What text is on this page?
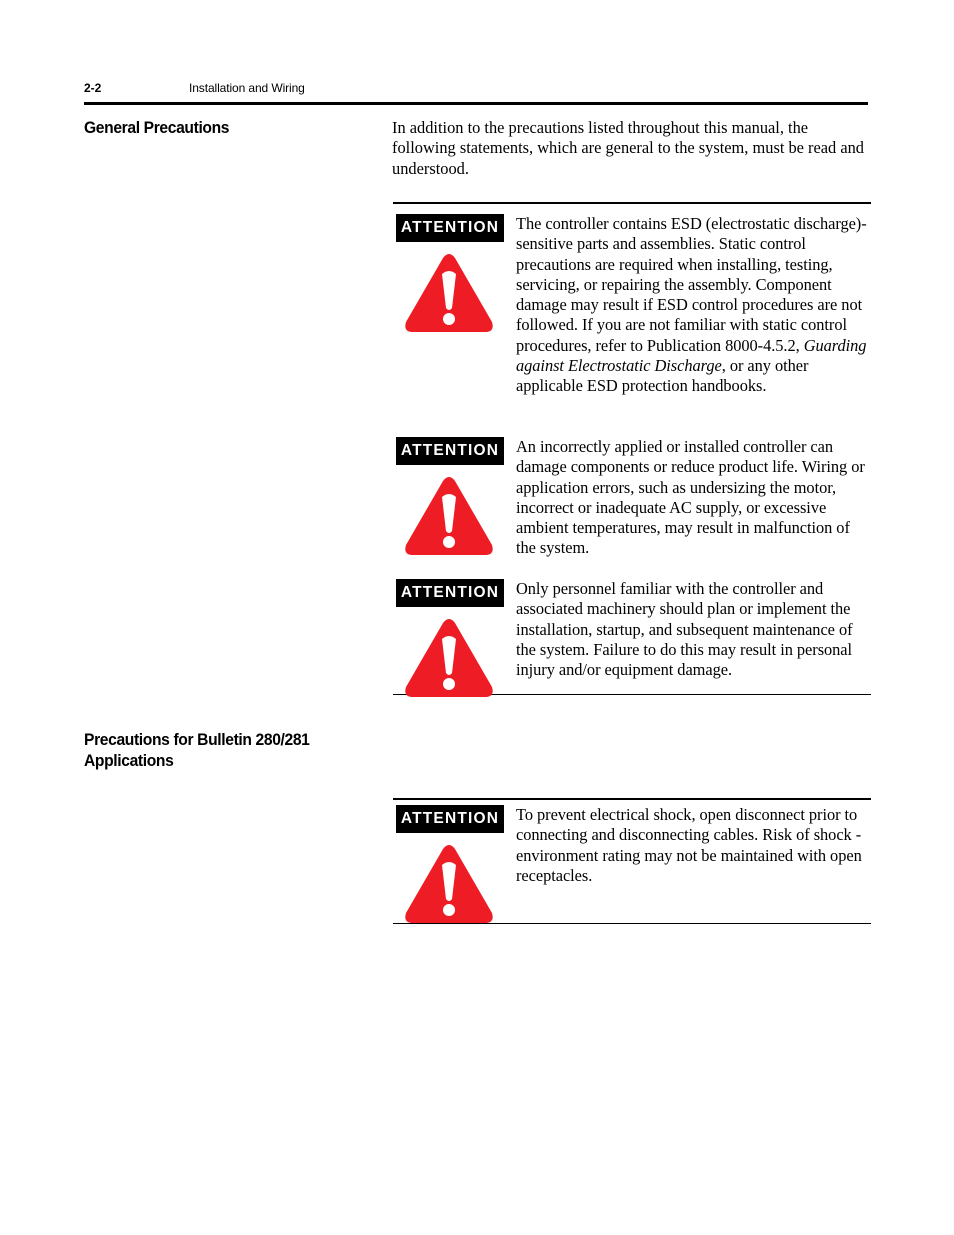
2-2	Installation and Wiring
General Precautions	In addition to the precautions listed throughout this manual, the following statements, which are general to the system, must be read and understood.

ATTENTION The controller contains ESD (electrostatic discharge)-sensitive parts and assemblies. Static control precautions are required when installing, testing, servicing, or repairing the assembly. Component damage may result if ESD control procedures are not followed. If you are not familiar with static control procedures, refer to Publication 8000-4.5.2, Guarding against Electrostatic Discharge, or any other applicable ESD protection handbooks.

ATTENTION An incorrectly applied or installed controller can damage components or reduce product life. Wiring or application errors, such as undersizing the motor, incorrect or inadequate AC supply, or excessive ambient temperatures, may result in malfunction of the system.

ATTENTION Only personnel familiar with the controller and associated machinery should plan or implement the installation, startup, and subsequent maintenance of the system. Failure to do this may result in personal injury and/or equipment damage.

Precautions for Bulletin 280/281
Applications
ATTENTION To prevent electrical shock, open disconnect prior to connecting and disconnecting cables. Risk of shock - environment rating may not be maintained with open receptacles.
